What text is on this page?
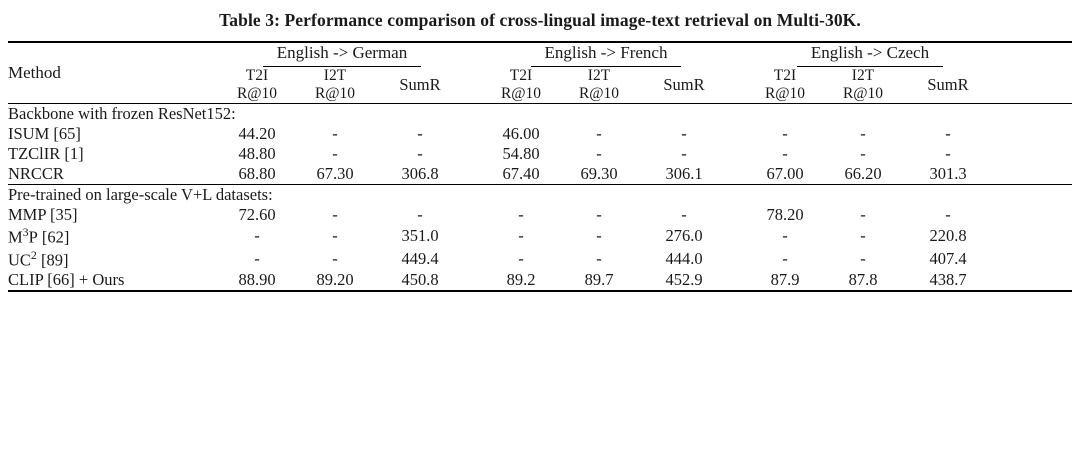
Table 3: Performance comparison of cross-lingual image-text retrieval on Multi-30K.

Method	English -> German				English -> French				English -> Czech			
	T2I	I2T	SumR		T2I	I2T	SumR		T2I	I2T	SumR	
	R@10	R@10			R@10	R@10			R@10	R@10		

Backbone with frozen ResNet152:												
ISUM [65]	44.20	-	-		46.00	-	-		-	-	-	
TZClIR [1]	48.80	-	-		54.80	-	-		-	-	-	
NRCCR	68.80	67.30	306.8		67.40	69.30	306.1		67.00	66.20	301.3	

Pre-trained on large-scale V+L datasets:												
MMP [35]	72.60	-	-		-	-	-		78.20	-	-	
$M^3P$ [62]	-	-	351.0		-	-	276.0		-	-	220.8	
$UC^2$ [89]	-	-	449.4		-	-	444.0		-	-	407.4	
CLIP [66] + Ours	88.90	89.20	450.8		89.2	89.7	452.9		87.9	87.8	438.7	
